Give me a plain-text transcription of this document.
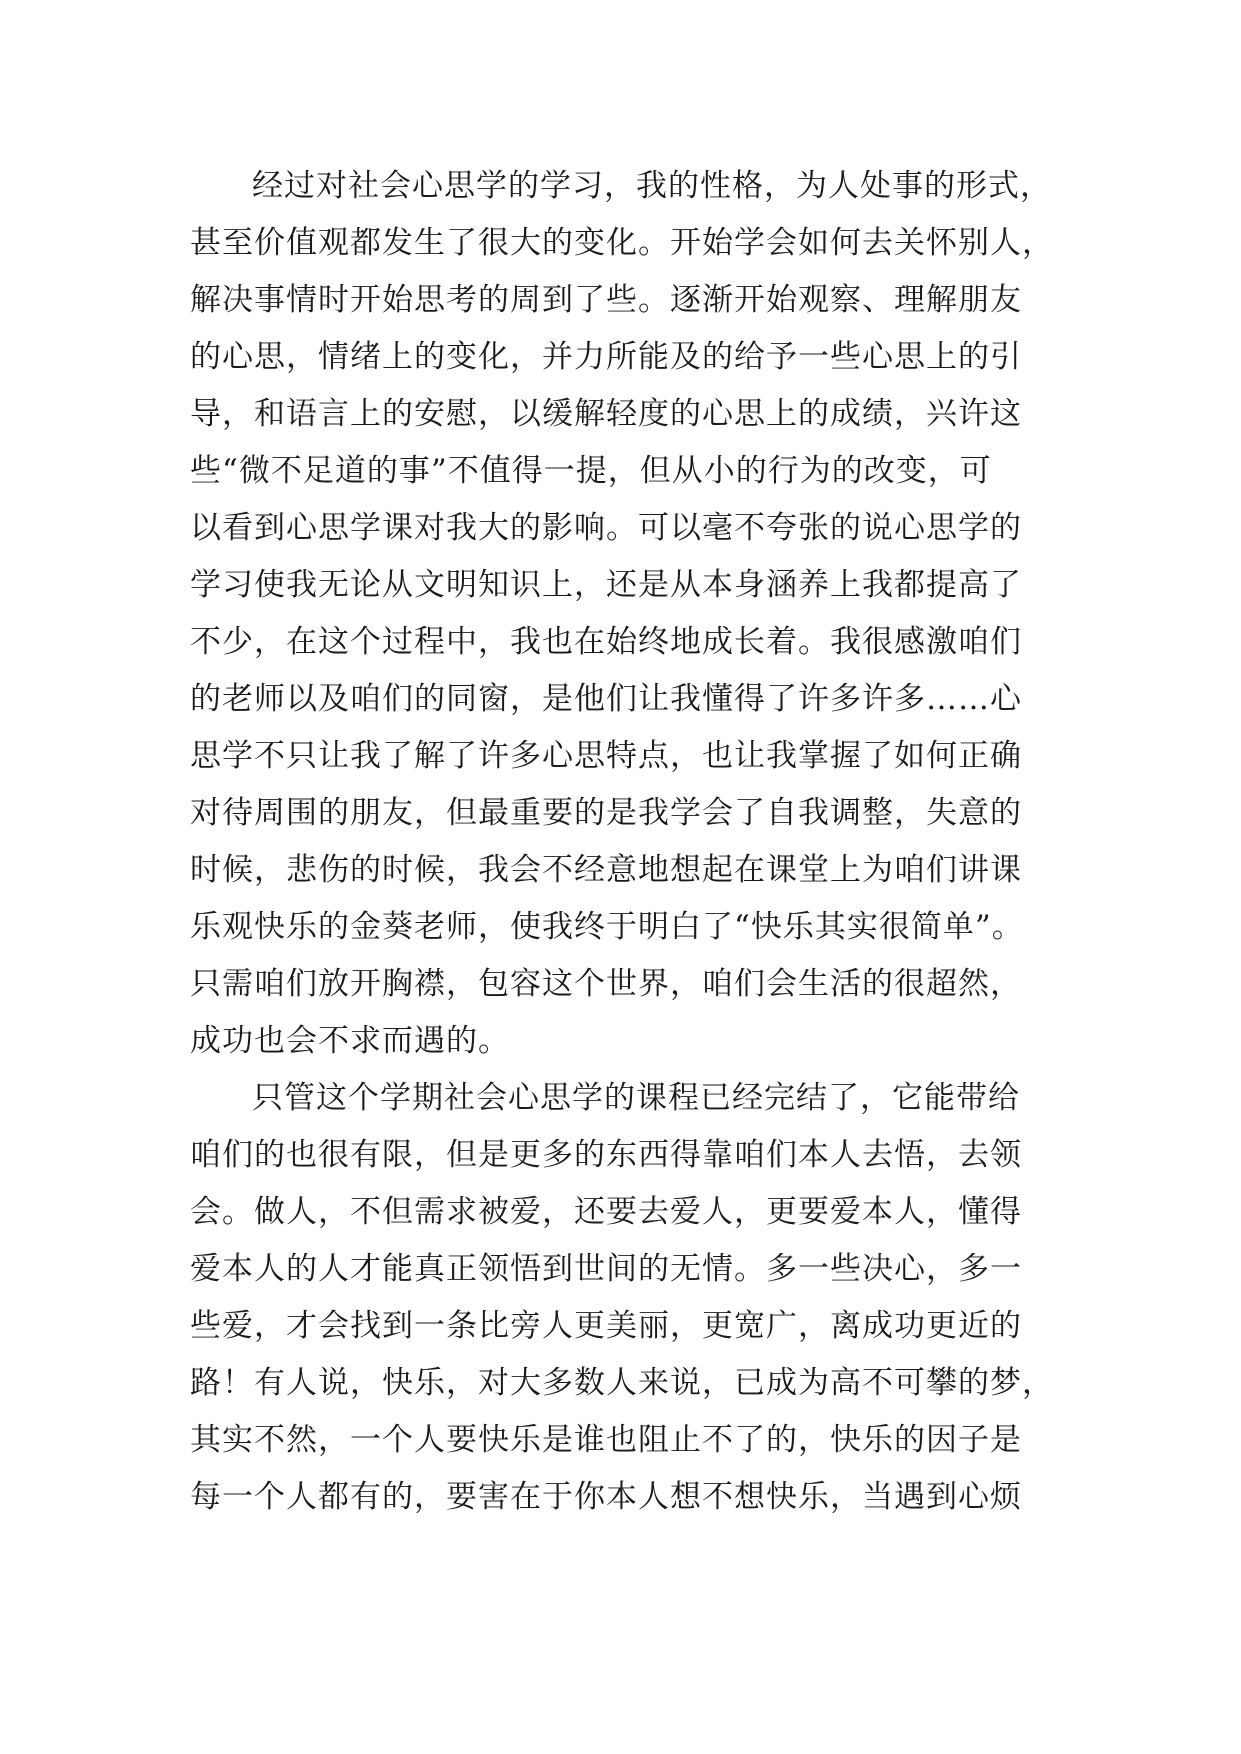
经过对社会心思学的学习，我的性格，为人处事的形式，
甚至价值观都发生了很大的变化。开始学会如何去关怀别人，
解决事情时开始思考的周到了些。逐渐开始观察、理解朋友
的心思，情绪上的变化，并力所能及的给予一些心思上的引
导，和语言上的安慰，以缓解轻度的心思上的成绩，兴许这
些“微不足道的事”不值得一提，但从小的行为的改变，可
以看到心思学课对我大的影响。可以毫不夸张的说心思学的
学习使我无论从文明知识上，还是从本身涵养上我都提高了
不少，在这个过程中，我也在始终地成长着。我很感激咱们
的老师以及咱们的同窗，是他们让我懂得了许多许多……心
思学不只让我了解了许多心思特点，也让我掌握了如何正确
对待周围的朋友，但最重要的是我学会了自我调整，失意的
时候，悲伤的时候，我会不经意地想起在课堂上为咱们讲课
乐观快乐的金葵老师，使我终于明白了“快乐其实很简单”。
只需咱们放开胸襟，包容这个世界，咱们会生活的很超然，
成功也会不求而遇的。
只管这个学期社会心思学的课程已经完结了，它能带给
咱们的也很有限，但是更多的东西得靠咱们本人去悟，去领
会。做人，不但需求被爱，还要去爱人，更要爱本人，懂得
爱本人的人才能真正领悟到世间的无情。多一些决心，多一
些爱，才会找到一条比旁人更美丽，更宽广，离成功更近的
路！有人说，快乐，对大多数人来说，已成为高不可攀的梦，
其实不然，一个人要快乐是谁也阻止不了的，快乐的因子是
每一个人都有的，要害在于你本人想不想快乐，当遇到心烦
